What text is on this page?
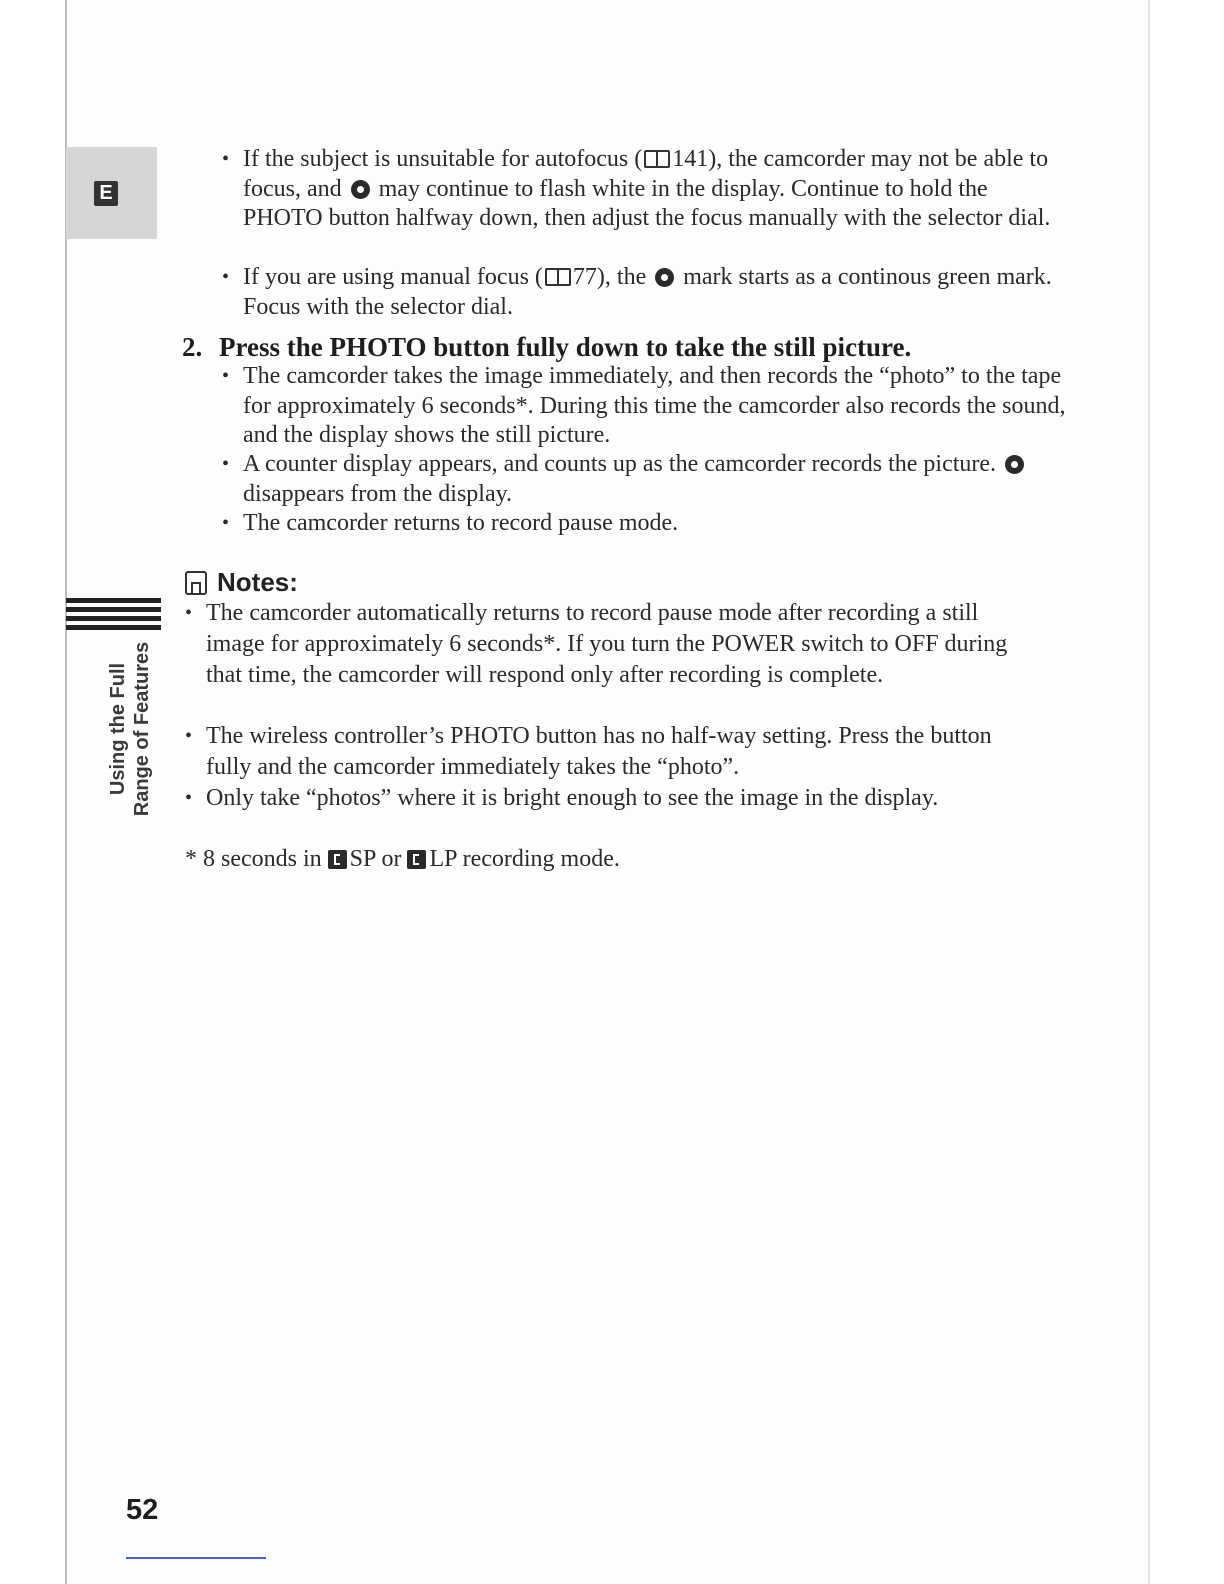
E
Using the Full Range of Features
• If the subject is unsuitable for autofocus ( 141), the camcorder may not be able to focus, and may continue to flash white in the display. Continue to hold the PHOTO button halfway down, then adjust the focus manually with the selector dial.
• If you are using manual focus ( 77), the mark starts as a continous green mark. Focus with the selector dial.
2. Press the PHOTO button fully down to take the still picture.
• The camcorder takes the image immediately, and then records the “photo” to the tape for approximately 6 seconds*. During this time the camcorder also records the sound, and the display shows the still picture.
• A counter display appears, and counts up as the camcorder records the picture.  disappears from the display.
• The camcorder returns to record pause mode.
Notes:
• The camcorder automatically returns to record pause mode after recording a still image for approximately 6 seconds*. If you turn the POWER switch to OFF during that time, the camcorder will respond only after recording is complete.
• The wireless controller’s PHOTO button has no half-way setting. Press the button fully and the camcorder immediately takes the “photo”.
• Only take “photos” where it is bright enough to see the image in the display.
* 8 seconds in SP or LP recording mode.
52
